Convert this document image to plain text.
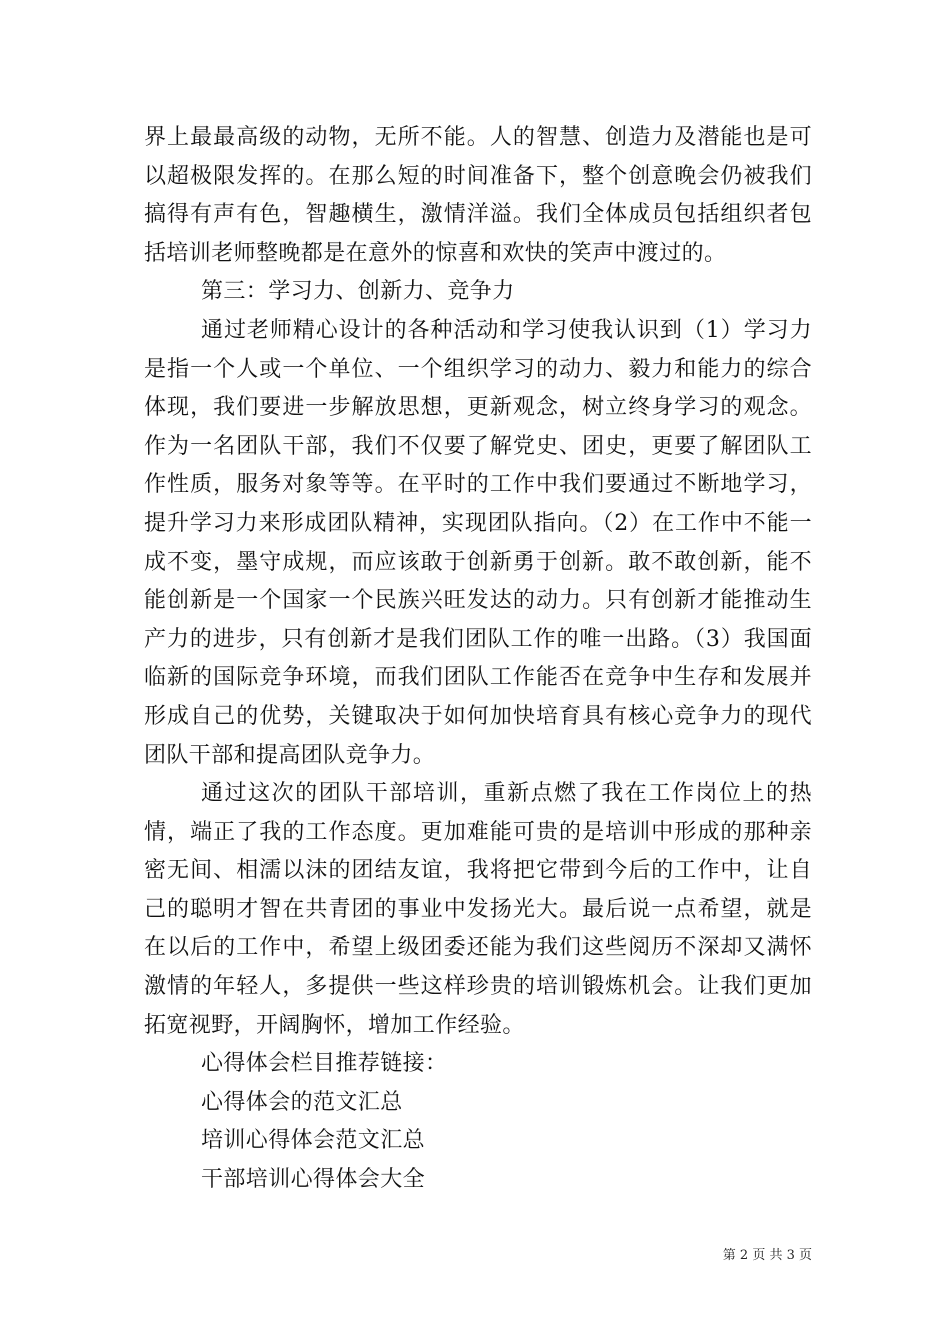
界上最最高级的动物，无所不能。人的智慧、创造力及潜能也是可以超极限发挥的。在那么短的时间准备下，整个创意晚会仍被我们搞得有声有色，智趣横生，激情洋溢。我们全体成员包括组织者包括培训老师整晚都是在意外的惊喜和欢快的笑声中渡过的。

第三：学习力、创新力、竞争力

通过老师精心设计的各种活动和学习使我认识到（1）学习力是指一个人或一个单位、一个组织学习的动力、毅力和能力的综合体现，我们要进一步解放思想，更新观念，树立终身学习的观念。作为一名团队干部，我们不仅要了解党史、团史，更要了解团队工作性质，服务对象等等。在平时的工作中我们要通过不断地学习，提升学习力来形成团队精神，实现团队指向。（2）在工作中不能一成不变，墨守成规，而应该敢于创新勇于创新。敢不敢创新，能不能创新是一个国家一个民族兴旺发达的动力。只有创新才能推动生产力的进步，只有创新才是我们团队工作的唯一出路。（3）我国面临新的国际竞争环境，而我们团队工作能否在竞争中生存和发展并形成自己的优势，关键取决于如何加快培育具有核心竞争力的现代团队干部和提高团队竞争力。

通过这次的团队干部培训，重新点燃了我在工作岗位上的热情，端正了我的工作态度。更加难能可贵的是培训中形成的那种亲密无间、相濡以沫的团结友谊，我将把它带到今后的工作中，让自己的聪明才智在共青团的事业中发扬光大。最后说一点希望，就是在以后的工作中，希望上级团委还能为我们这些阅历不深却又满怀激情的年轻人，多提供一些这样珍贵的培训锻炼机会。让我们更加拓宽视野，开阔胸怀，增加工作经验。

心得体会栏目推荐链接：

心得体会的范文汇总
培训心得体会范文汇总
干部培训心得体会大全
第 2 页 共 3 页
